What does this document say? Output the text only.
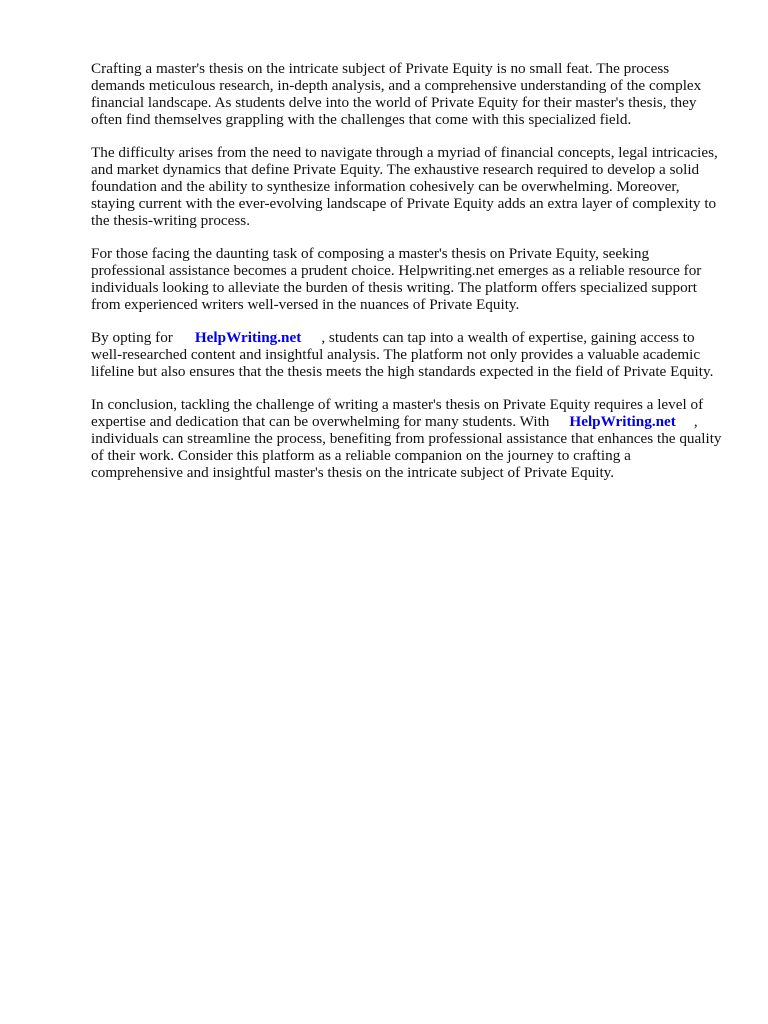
Crafting a master's thesis on the intricate subject of Private Equity is no small feat. The process demands meticulous research, in-depth analysis, and a comprehensive understanding of the complex financial landscape. As students delve into the world of Private Equity for their master's thesis, they often find themselves grappling with the challenges that come with this specialized field.

The difficulty arises from the need to navigate through a myriad of financial concepts, legal intricacies, and market dynamics that define Private Equity. The exhaustive research required to develop a solid foundation and the ability to synthesize information cohesively can be overwhelming. Moreover, staying current with the ever-evolving landscape of Private Equity adds an extra layer of complexity to the thesis-writing process.

For those facing the daunting task of composing a master's thesis on Private Equity, seeking professional assistance becomes a prudent choice. Helpwriting.net emerges as a reliable resource for individuals looking to alleviate the burden of thesis writing. The platform offers specialized support from experienced writers well-versed in the nuances of Private Equity.

By opting for HelpWriting.net , students can tap into a wealth of expertise, gaining access to well-researched content and insightful analysis. The platform not only provides a valuable academic lifeline but also ensures that the thesis meets the high standards expected in the field of Private Equity.

In conclusion, tackling the challenge of writing a master's thesis on Private Equity requires a level of expertise and dedication that can be overwhelming for many students. With HelpWriting.net , individuals can streamline the process, benefiting from professional assistance that enhances the quality of their work. Consider this platform as a reliable companion on the journey to crafting a comprehensive and insightful master's thesis on the intricate subject of Private Equity.
